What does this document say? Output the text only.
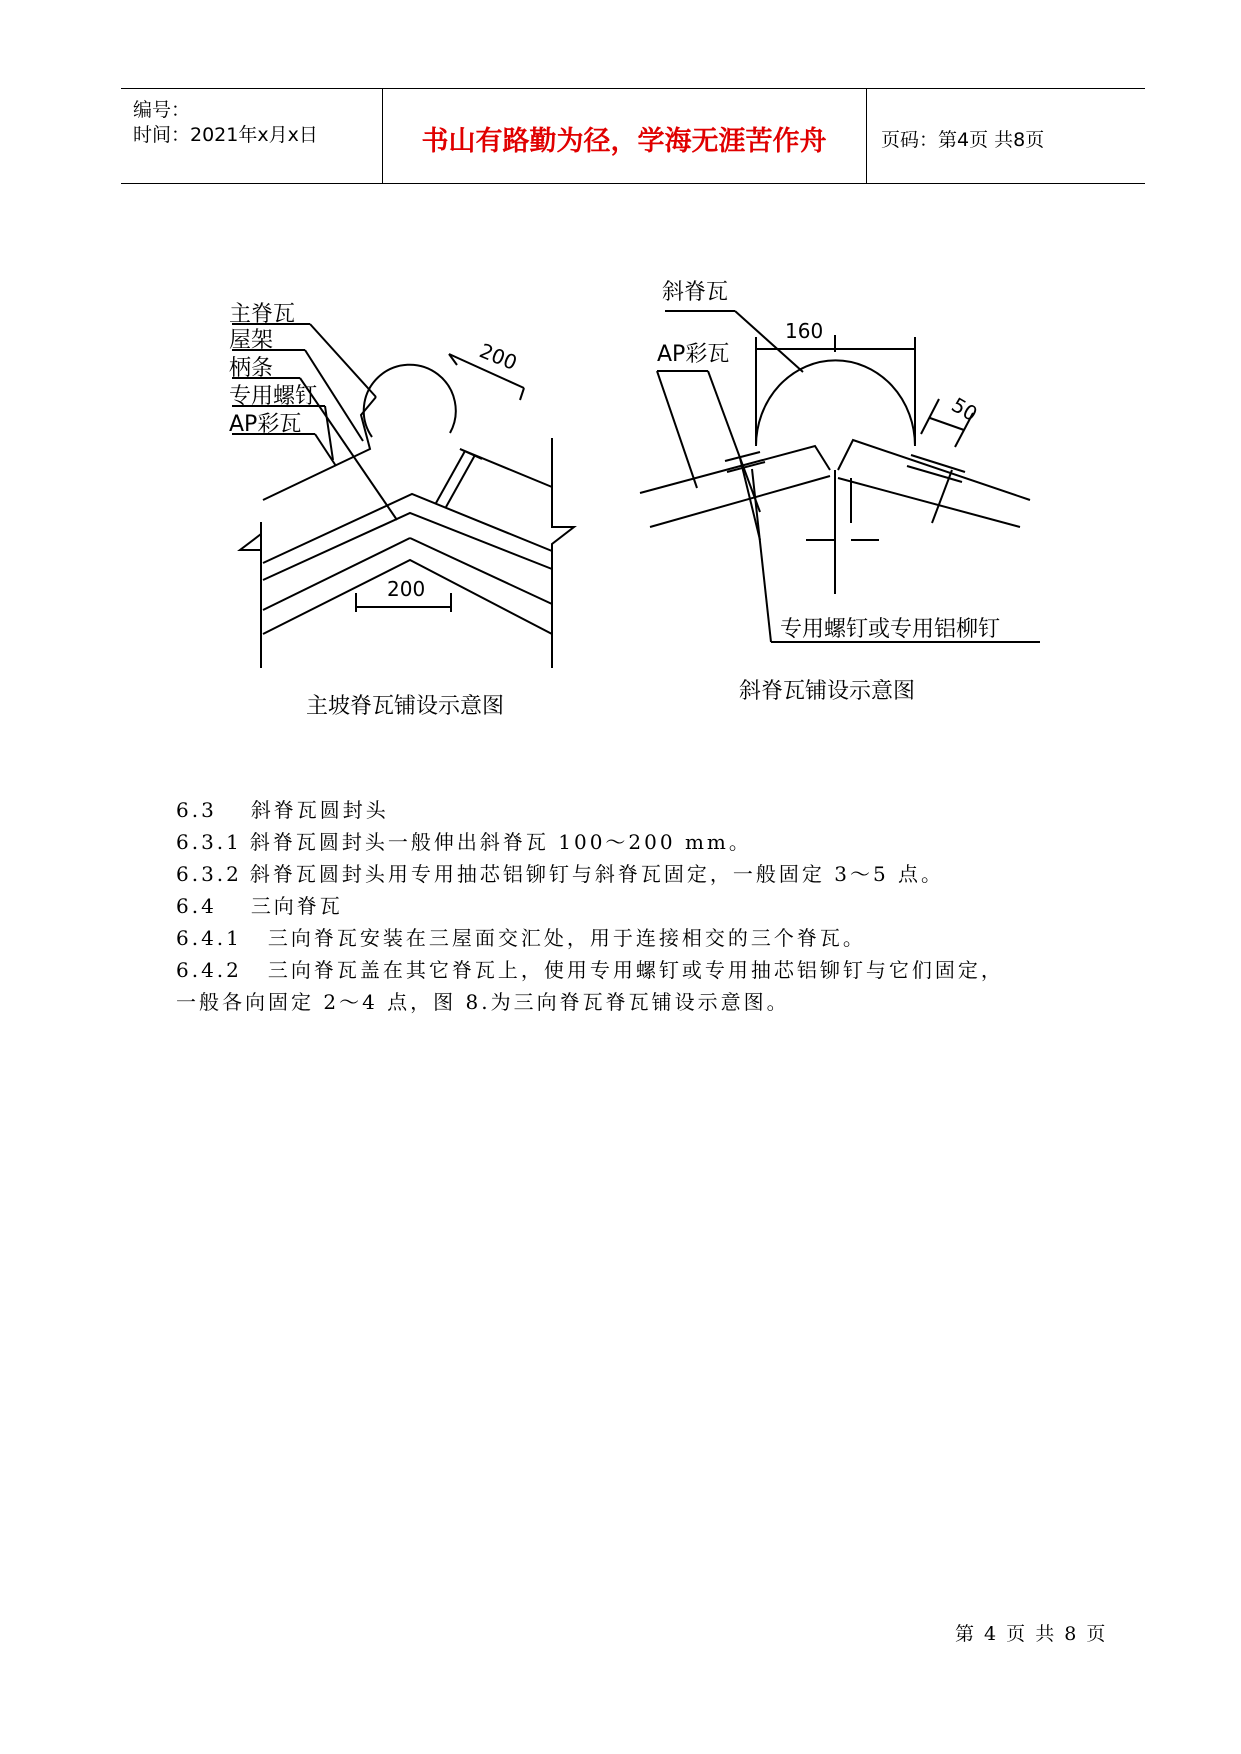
编号：
时间：2021年x月x日	书山有路勤为径，学海无涯苦作舟	页码：第4页 共8页
主脊瓦
屋架
柄条
专用螺钉
AP彩瓦
200
200
主坡脊瓦铺设示意图
斜脊瓦
AP彩瓦
160
50
专用螺钉或专用铝柳钉
斜脊瓦铺设示意图
6.3 斜脊瓦圆封头
6.3.1 斜脊瓦圆封头一般伸出斜脊瓦 100～200 mm。
6.3.2 斜脊瓦圆封头用专用抽芯铝铆钉与斜脊瓦固定，一般固定 3～5 点。
6.4 三向脊瓦
6.4.1 三向脊瓦安装在三屋面交汇处，用于连接相交的三个脊瓦。
6.4.2 三向脊瓦盖在其它脊瓦上，使用专用螺钉或专用抽芯铝铆钉与它们固定，
一般各向固定 2～4 点，图 8.为三向脊瓦脊瓦铺设示意图。
第 4 页 共 8 页
